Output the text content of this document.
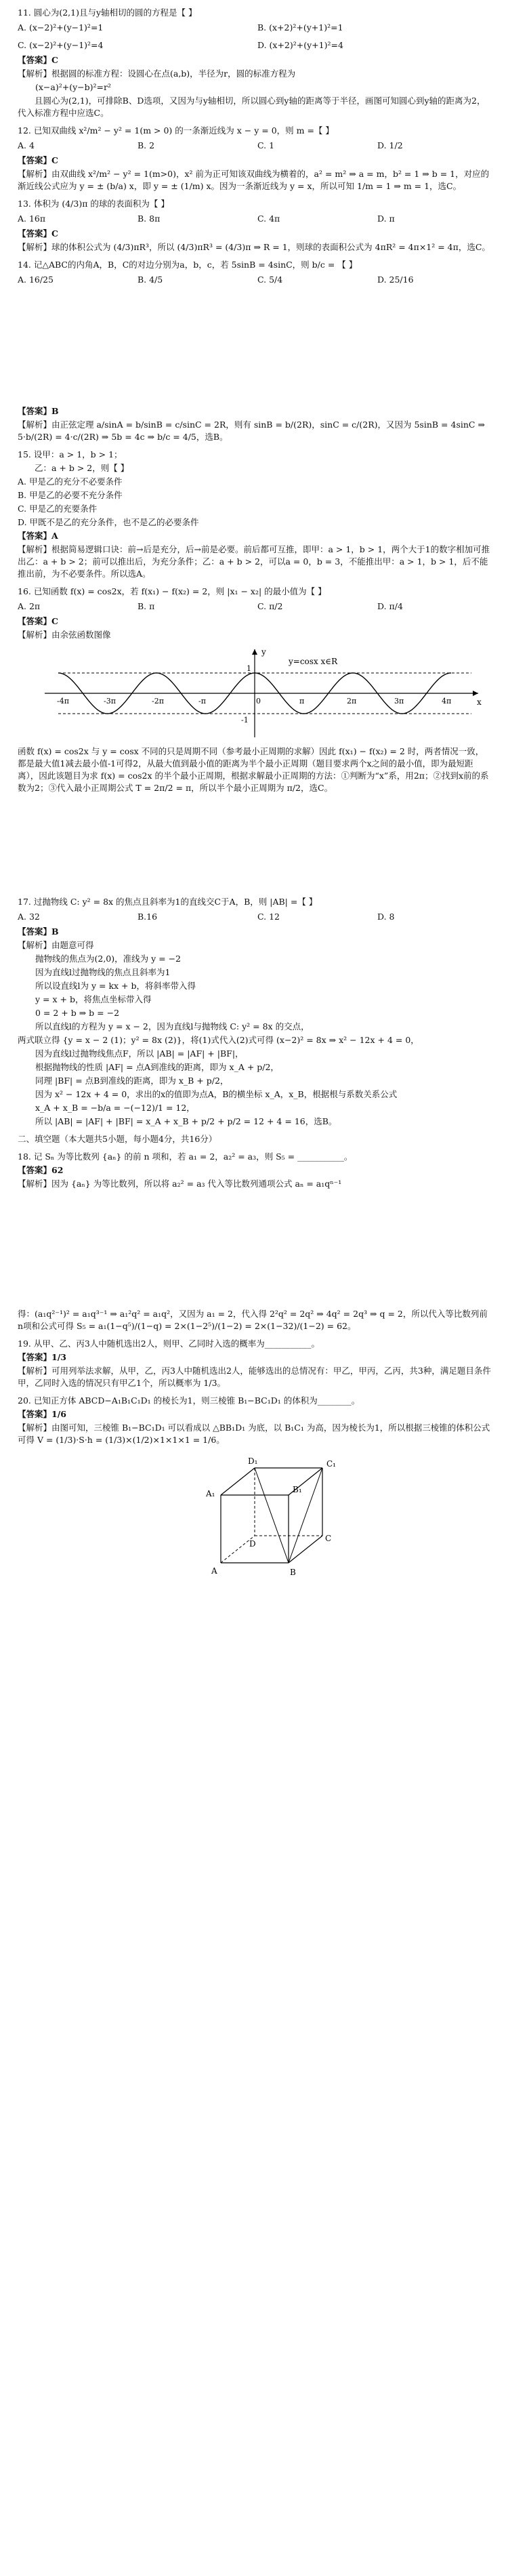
11. 圆心为(2,1)且与y轴相切的圆的方程是【 】
A. (x−2)²+(y−1)²=1	B. (x+2)²+(y+1)²=1
C. (x−2)²+(y−1)²=4	D. (x+2)²+(y+1)²=4
【答案】C
【解析】根据圆的标准方程：设圆心在点(a,b)，半径为r，圆的标准方程为
(x−a)²+(y−b)²=r²
且圆心为(2,1)，可排除B、D选项，又因为与y轴相切，所以圆心到y轴的距离等于半径，画图可知圆心到y轴的距离为2，代入标准方程中应选C。
12. 已知双曲线 x²/m² − y² = 1(m > 0) 的一条渐近线为 x − y = 0，则 m =【 】
A. 4	B. 2	C. 1	D. 1/2
【答案】C
【解析】由双曲线 x²/m² − y² = 1(m>0)，x² 前为正可知该双曲线为横着的，a² = m² ⇒ a = m，b² = 1 ⇒ b = 1，对应的渐近线公式应为 y = ± (b/a) x，即 y = ± (1/m) x。因为一条渐近线为 y = x，所以可知 1/m = 1 ⇒ m = 1，选C。
13. 体积为 (4/3)π 的球的表面积为【 】
A. 16π	B. 8π	C. 4π	D. π
【答案】C
【解析】球的体积公式为 (4/3)πR³，所以 (4/3)πR³ = (4/3)π ⇒ R = 1，则球的表面积公式为 4πR² = 4π×1² = 4π，选C。
14. 记△ABC的内角A，B，C的对边分别为a，b，c，若 5sinB = 4sinC，则 b/c = 【 】
A. 16/25	B. 4/5	C. 5/4	D. 25/16
【答案】B
【解析】由正弦定理 a/sinA = b/sinB = c/sinC = 2R，则有 sinB = b/(2R)，sinC = c/(2R)，又因为 5sinB = 4sinC ⇒ 5·b/(2R) = 4·c/(2R) ⇒ 5b = 4c ⇒ b/c = 4/5，选B。
15. 设甲：a > 1，b > 1；
乙：a + b > 2，则【 】
A. 甲是乙的充分不必要条件
B. 甲是乙的必要不充分条件
C. 甲是乙的充要条件
D. 甲既不是乙的充分条件，也不是乙的必要条件
【答案】A
【解析】根据简易逻辑口诀：前→后是充分，后→前是必要。前后都可互推，即甲：a > 1，b > 1，两个大于1的数字相加可推出乙：a + b > 2；前可以推出后，为充分条件；乙：a + b > 2，可以a = 0，b = 3，不能推出甲：a > 1，b > 1，后不能推出前，为不必要条件。所以选A。
16. 已知函数 f(x) = cos2x，若 f(x₁) − f(x₂) = 2，则 |x₁ − x₂| 的最小值为【 】
A. 2π	B. π	C. π/2	D. π/4
【答案】C
【解析】由余弦函数图像
y
x
1
-1
y=cosx x∈R
-4π	-3π	-2π	-π	0	π	2π	3π	4π
函数 f(x) = cos2x 与 y = cosx 不同的只是周期不同（参考最小正周期的求解）因此 f(x₁) − f(x₂) = 2 时，两者情况一致，都是最大值1减去最小值-1可得2，从最大值到最小值的距离为半个最小正周期（题目要求两个x之间的最小值，即为最短距离），因此该题目为求 f(x) = cos2x 的半个最小正周期，根据求解最小正周期的方法：①判断为“x”系，用2π；②找到x前的系数为2；③代入最小正周期公式 T = 2π/2 = π，所以半个最小正周期为 π/2，选C。
17. 过抛物线 C: y² = 8x 的焦点且斜率为1的直线交C于A，B，则 |AB| =【 】
A. 32	B.16	C. 12	D. 8
【答案】B
【解析】由题意可得
抛物线的焦点为(2,0)，准线为 y = −2
因为直线l过抛物线的焦点且斜率为1
所以设直线l为 y = kx + b，将斜率带入得
y = x + b，将焦点坐标带入得
0 = 2 + b ⇒ b = −2
所以直线l的方程为 y = x − 2，因为直线l与抛物线 C: y² = 8x 的交点，
两式联立得 {y = x − 2 (1)；y² = 8x (2)}，将(1)式代入(2)式可得 (x−2)² = 8x ⇒ x² − 12x + 4 = 0，
因为直线l过抛物线焦点F，所以 |AB| = |AF| + |BF|，
根据抛物线的性质 |AF| = 点A到准线的距离，即为 x_A + p/2，
同理 |BF| = 点B到准线的距离，即为 x_B + p/2，
因为 x² − 12x + 4 = 0，求出的x的值即为点A，B的横坐标 x_A，x_B，根据根与系数关系公式
x_A + x_B = −b/a = −(−12)/1 = 12，
所以 |AB| = |AF| + |BF| = x_A + x_B + p/2 + p/2 = 12 + 4 = 16，选B。
二、填空题（本大题共5小题，每小题4分，共16分）
18. 记 Sₙ 为等比数列 {aₙ} 的前 n 项和，若 a₁ = 2，a₂² = a₃，则 S₅ = ___________。
【答案】62
【解析】因为 {aₙ} 为等比数列，所以将 a₂² = a₃ 代入等比数列通项公式 aₙ = a₁qⁿ⁻¹
得：(a₁q²⁻¹)² = a₁q³⁻¹ ⇒ a₁²q² = a₁q²，又因为 a₁ = 2，代入得 2²q² = 2q² ⇒ 4q² = 2q³ ⇒ q = 2，所以代入等比数列前n项和公式可得 S₅ = a₁(1−q⁵)/(1−q) = 2×(1−2⁵)/(1−2) = 2×(1−32)/(1−2) = 62。
19. 从甲、乙、丙3人中随机选出2人，则甲、乙同时入选的概率为___________。
【答案】1/3
【解析】可用列举法求解，从甲，乙，丙3人中随机选出2人，能够选出的总情况有：甲乙，甲丙，乙丙，共3种，满足题目条件甲，乙同时入选的情况只有甲乙1个，所以概率为 1/3。
20. 已知正方体 ABCD−A₁B₁C₁D₁ 的棱长为1，则三棱锥 B₁−BC₁D₁ 的体积为________。
【答案】1/6
【解析】由图可知，三棱锥 B₁−BC₁D₁ 可以看成以 △BB₁D₁ 为底，以 B₁C₁ 为高，因为棱长为1，所以根据三棱锥的体积公式可得 V = (1/3)·S·h = (1/3)×(1/2)×1×1×1 = 1/6。
D₁
A₁
C₁
D
B
A
C
B₁
